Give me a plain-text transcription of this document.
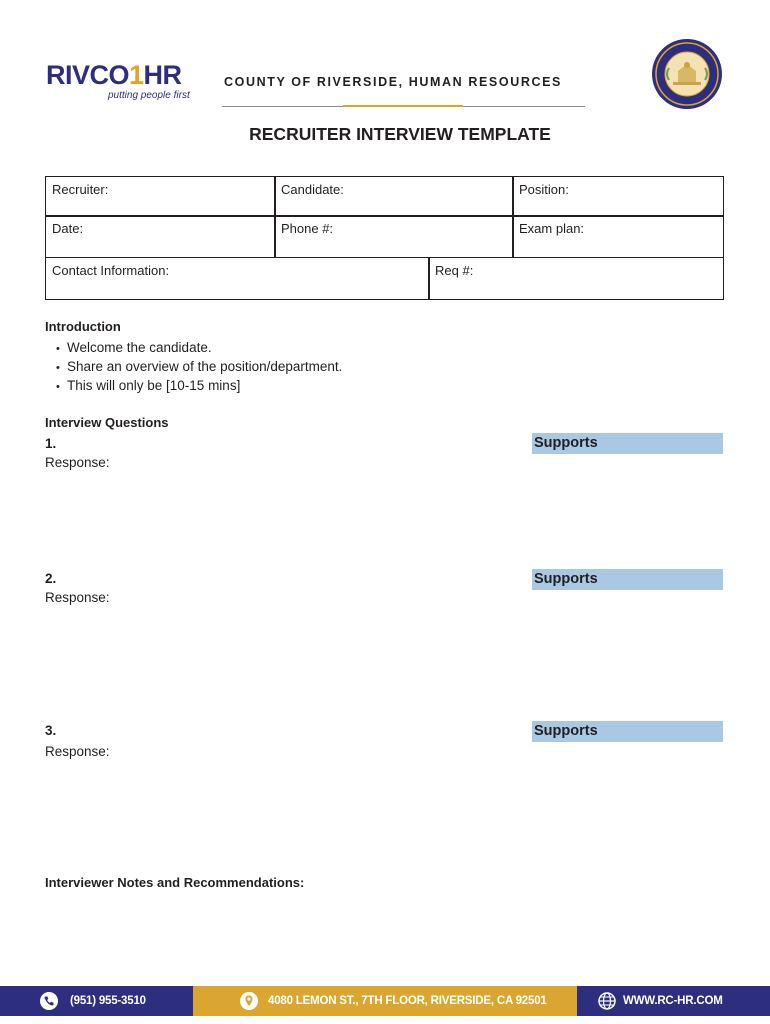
RIVCO1HR
putting people first
COUNTY OF RIVERSIDE, HUMAN RESOURCES
RECRUITER INTERVIEW TEMPLATE
Recruiter:	Candidate:	Position:
Date:	Phone #:	Exam plan:
Contact Information:	Req #:
Introduction
• Welcome the candidate.
• Share an overview of the position/department.
• This will only be [10-15 mins]
Interview Questions
1.	Supports
Response:
2.	Supports
Response:
3.	Supports
Response:
Interviewer Notes and Recommendations:
(951) 955-3510	4080 LEMON ST., 7TH FLOOR, RIVERSIDE, CA 92501	WWW.RC-HR.COM
